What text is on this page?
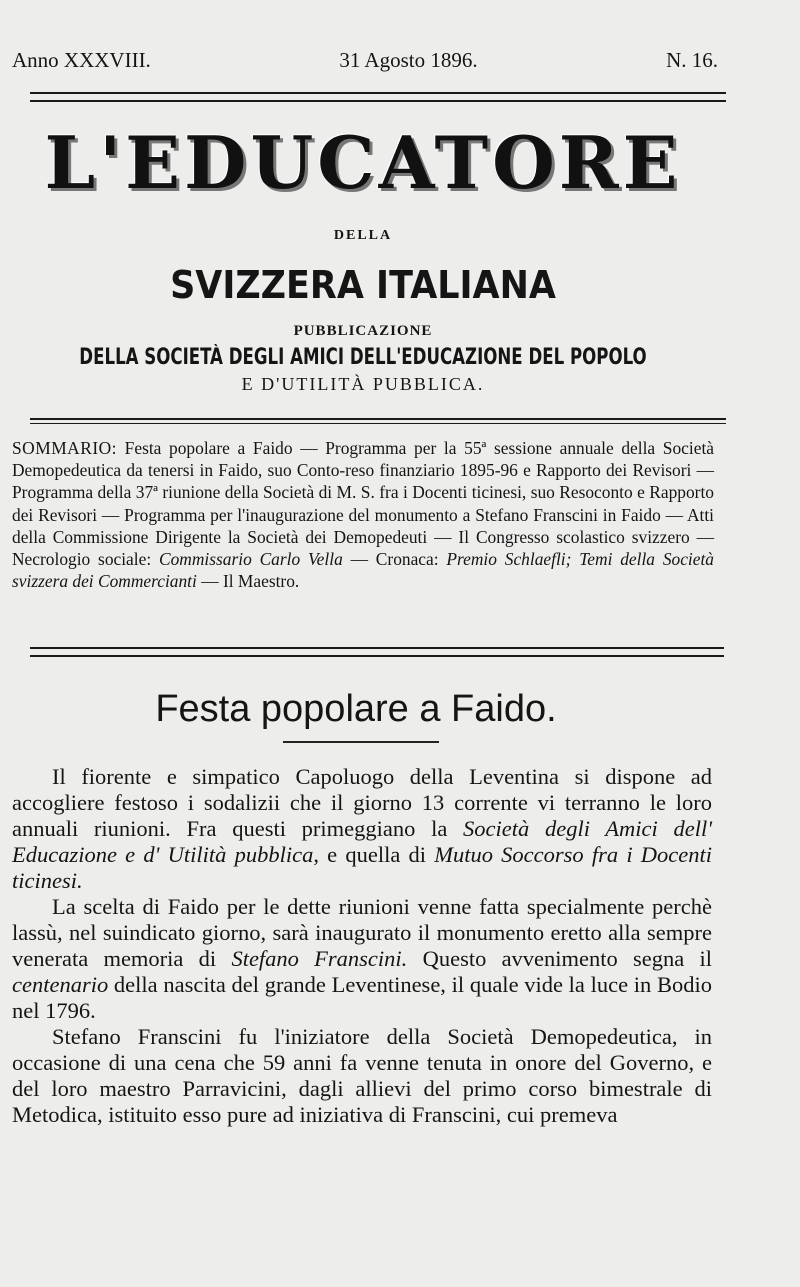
Anno XXXVIII.	31 Agosto 1896.	N. 16.
L'EDUCATORE
DELLA
SVIZZERA ITALIANA
PUBBLICAZIONE
DELLA SOCIETÀ DEGLI AMICI DELL'EDUCAZIONE DEL POPOLO
E D'UTILITÀ PUBBLICA.
SOMMARIO: Festa popolare a Faido — Programma per la 55ª sessione annuale della Società Demopedeutica da tenersi in Faido, suo Conto-reso finanziario 1895-96 e Rapporto dei Revisori — Programma della 37ª riunione della Società di M. S. fra i Docenti ticinesi, suo Resoconto e Rapporto dei Revisori — Programma per l'inaugurazione del monumento a Stefano Franscini in Faido — Atti della Commissione Dirigente la Società dei Demopedeuti — Il Congresso scolastico svizzero — Necrologio sociale: Commissario Carlo Vella — Cronaca: Premio Schlaefli; Temi della Società svizzera dei Commercianti — Il Maestro.
Festa popolare a Faido.

Il fiorente e simpatico Capoluogo della Leventina si dispone ad accogliere festoso i sodalizii che il giorno 13 corrente vi terranno le loro annuali riunioni. Fra questi primeggiano la Società degli Amici dell' Educazione e d' Utilità pubblica, e quella di Mutuo Soccorso fra i Docenti ticinesi.

La scelta di Faido per le dette riunioni venne fatta specialmente perchè lassù, nel suindicato giorno, sarà inaugurato il monumento eretto alla sempre venerata memoria di Stefano Franscini. Questo avvenimento segna il centenario della nascita del grande Leventinese, il quale vide la luce in Bodio nel 1796.

Stefano Franscini fu l'iniziatore della Società Demopedeutica, in occasione di una cena che 59 anni fa venne tenuta in onore del Governo, e del loro maestro Parravicini, dagli allievi del primo corso bimestrale di Metodica, istituito esso pure ad iniziativa di Franscini, cui premeva
